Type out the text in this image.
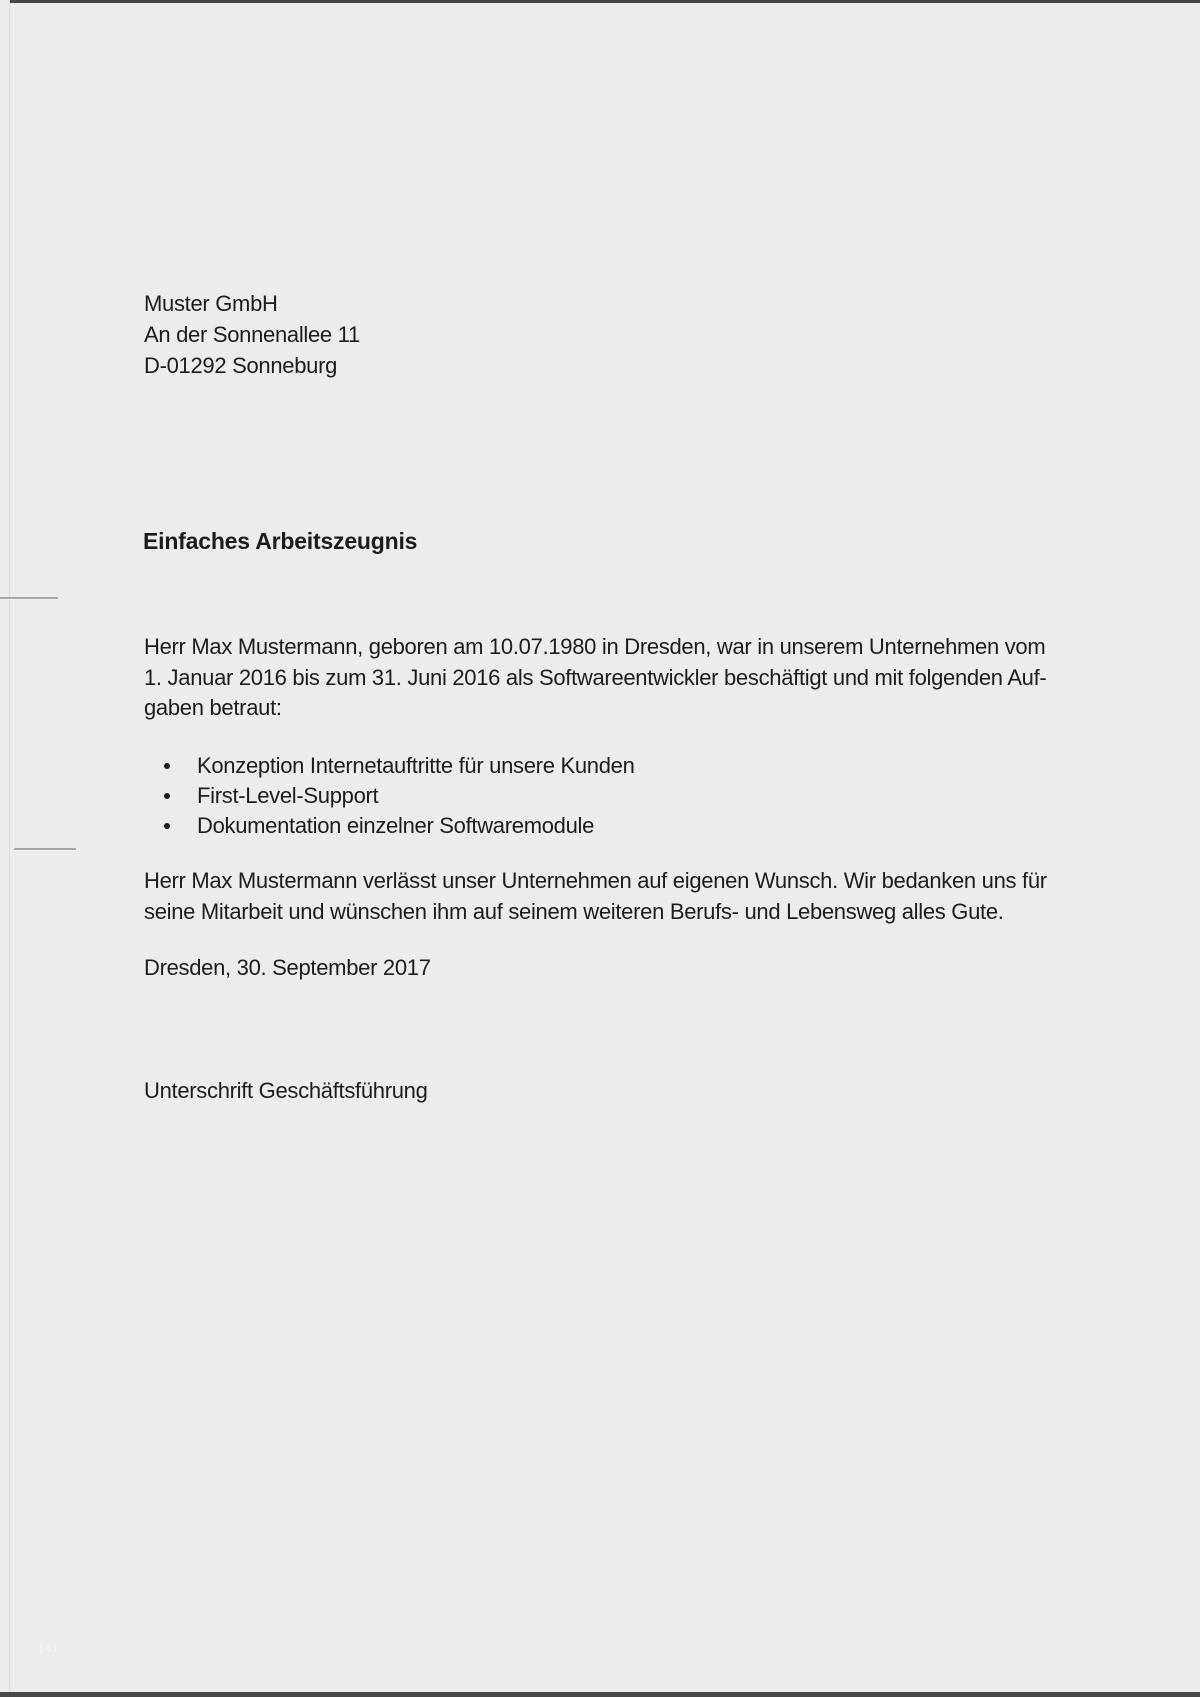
Muster GmbH
An der Sonnenallee 11
D-01292 Sonneburg
Einfaches Arbeitszeugnis
Herr Max Mustermann, geboren am 10.07.1980 in Dresden, war in unserem Unternehmen vom
1. Januar 2016 bis zum 31. Juni 2016 als Softwareentwickler beschäftigt und mit folgenden Auf-
gaben betraut:
Konzeption Internetauftritte für unsere Kunden
First-Level-Support
Dokumentation einzelner Softwaremodule
Herr Max Mustermann verlässt unser Unternehmen auf eigenen Wunsch. Wir bedanken uns für
seine Mitarbeit und wünschen ihm auf seinem weiteren Berufs- und Lebensweg alles Gute.
Dresden, 30. September 2017
Unterschrift Geschäftsführung
141
